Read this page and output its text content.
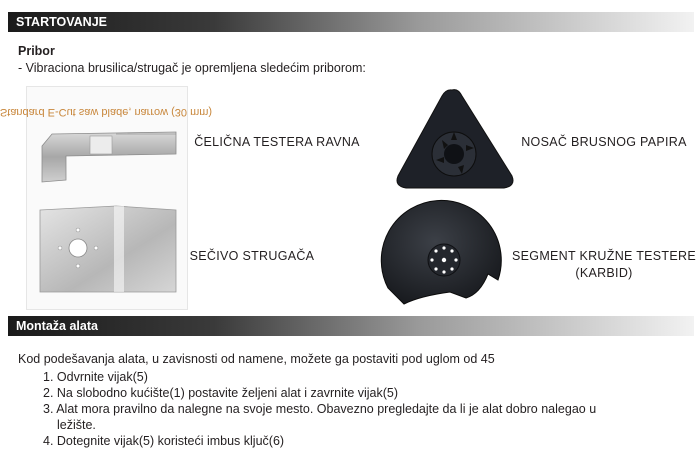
STARTOVANJE
Pribor
- Vibraciona brusilica/strugač je opremljena sledećim priborom:
Standard E-Cut saw blade, narrow (30 mm)
ČELIČNA TESTERA RAVNA
SEČIVO STRUGAČA
NOSAČ BRUSNOG PAPIRA
SEGMENT KRUŽNE TESTERE
(KARBID)
Montaža alata
Kod podešavanja alata, u zavisnosti od namene, možete ga postaviti pod uglom od 45
1. Odvrnite vijak(5)
2. Na slobodno kućište(1) postavite željeni alat i zavrnite vijak(5)
3. Alat mora pravilno da nalegne na svoje mesto. Obavezno pregledajte da li je alat dobro nalegao u
ležište.
4. Dotegnite vijak(5) koristeći imbus ključ(6)
